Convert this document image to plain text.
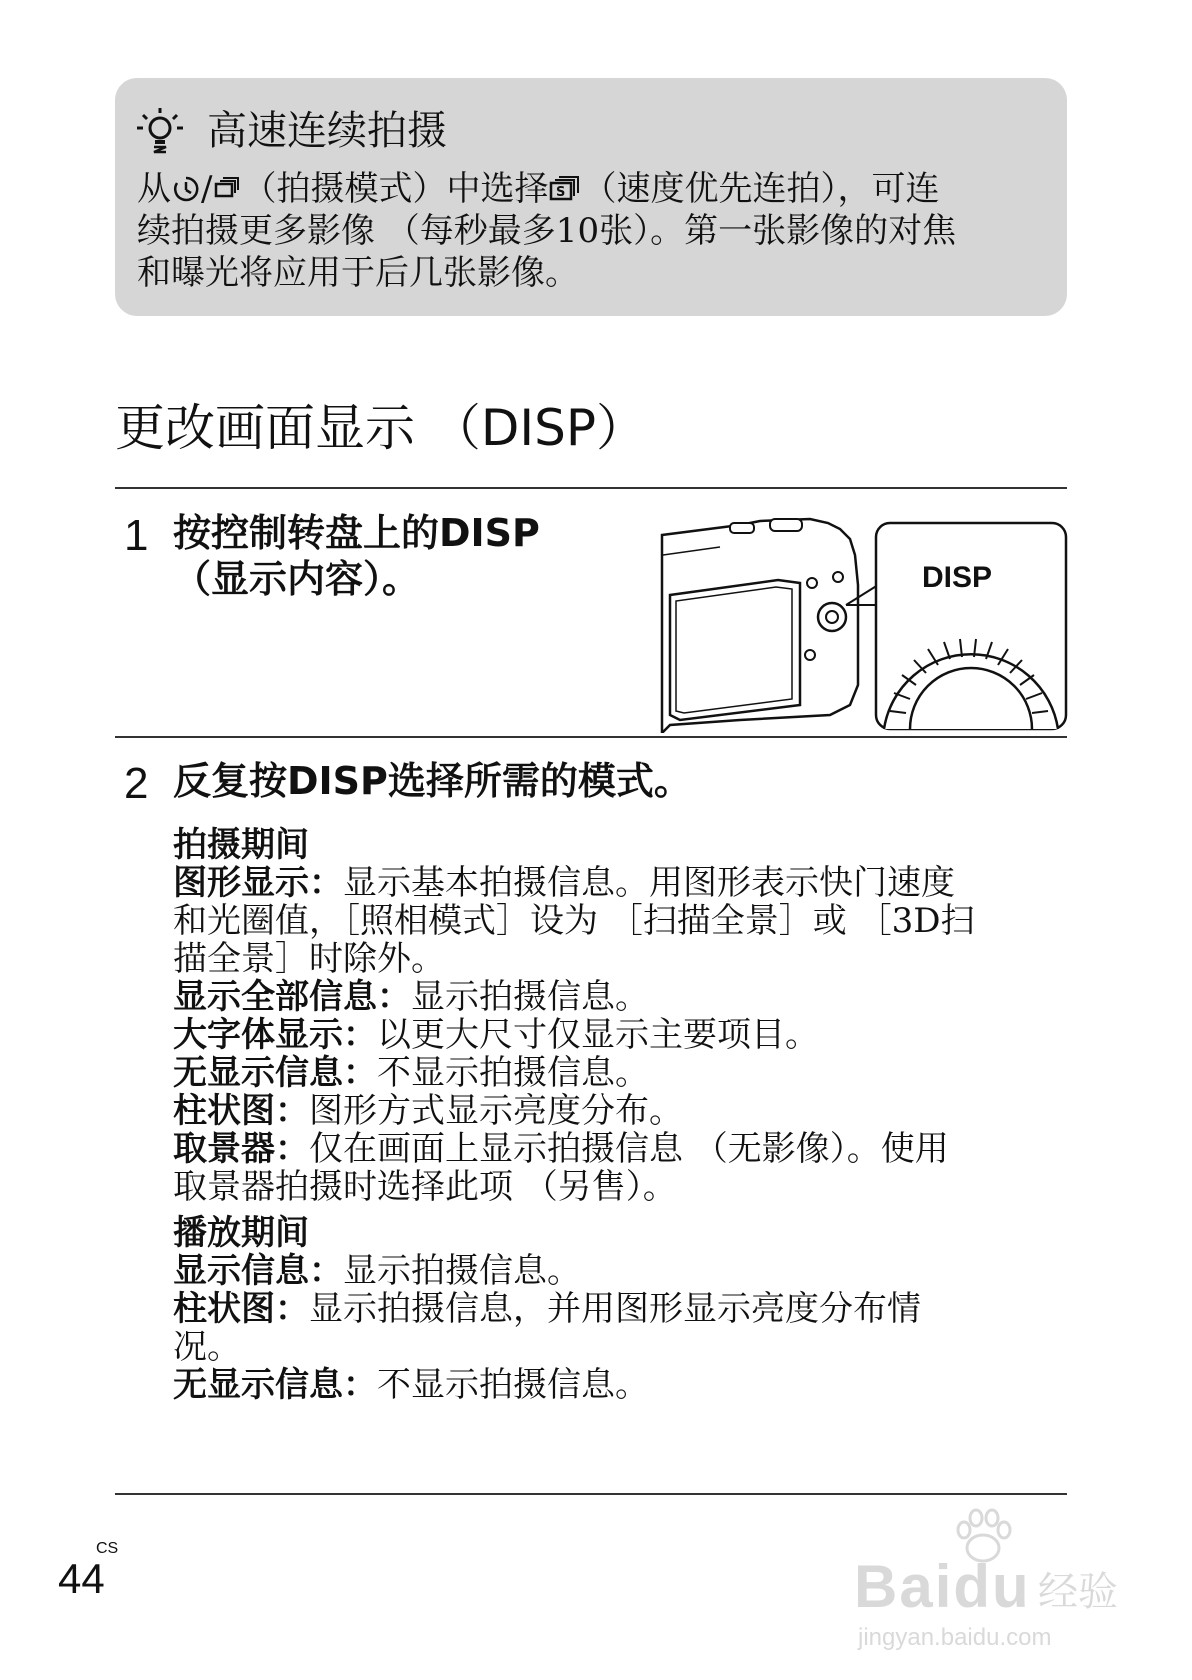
高速连续拍摄
从 / （拍摄模式）中选择 S （速度优先连拍），可连
续拍摄更多影像 （每秒最多10张）。第一张影像的对焦
和曝光将应用于后几张影像。
更改画面显示 （DISP）
1 按控制转盘上的DISP
（显示内容）。	DISP
2 反复按DISP选择所需的模式。
拍摄期间
图形显示：显示基本拍摄信息。用图形表示快门速度
和光圈值，［照相模式］设为 ［扫描全景］或 ［3D扫
描全景］时除外。
显示全部信息：显示拍摄信息。
大字体显示：以更大尺寸仅显示主要项目。
无显示信息：不显示拍摄信息。
柱状图：图形方式显示亮度分布。
取景器：仅在画面上显示拍摄信息 （无影像）。使用
取景器拍摄时选择此项 （另售）。
播放期间
显示信息：显示拍摄信息。
柱状图：显示拍摄信息，并用图形显示亮度分布情
况。
无显示信息：不显示拍摄信息。
CS
44	Baidu 经验
jingyan.baidu.com
